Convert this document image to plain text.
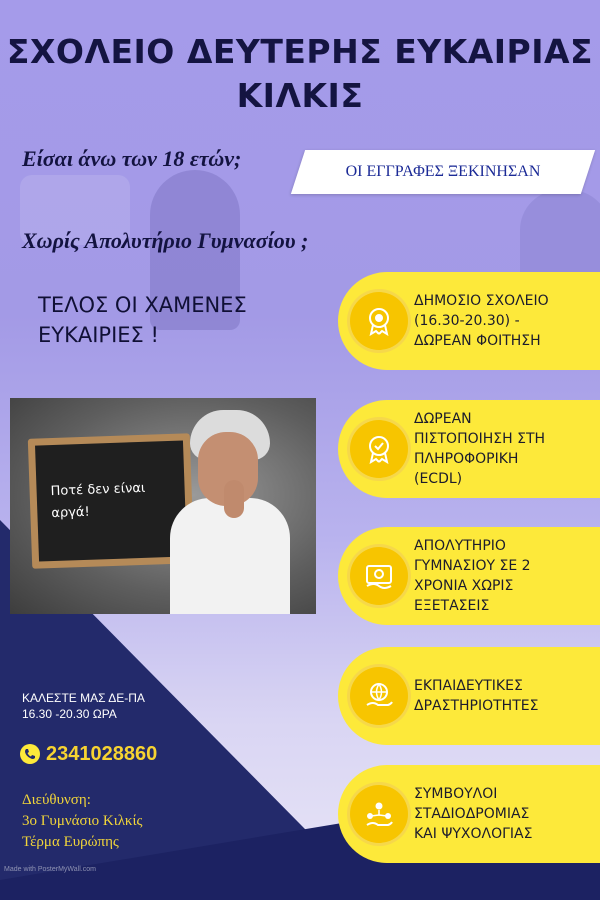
ΣΧΟΛΕΙΟ ΔΕΥΤΕΡΗΣ ΕΥΚΑΙΡΙΑΣ
ΚΙΛΚΙΣ
Είσαι άνω των 18 ετών;
Χωρίς Απολυτήριο Γυμνασίου ;
ΟΙ ΕΓΓΡΑΦΕΣ ΞΕΚΙΝΗΣΑΝ
ΤΕΛΟΣ ΟΙ ΧΑΜΕΝΕΣ
ΕΥΚΑΙΡΙΕΣ !
Ποτέ δεν είναι
αργά!
ΔΗΜΟΣΙΟ ΣΧΟΛΕΙΟ
(16.30-20.30) -
ΔΩΡΕΑΝ ΦΟΙΤΗΣΗ
ΔΩΡΕΑΝ
ΠΙΣΤΟΠΟΙΗΣΗ ΣΤΗ
ΠΛΗΡΟΦΟΡΙΚΗ
(ECDL)
ΑΠΟΛΥΤΗΡΙΟ
ΓΥΜΝΑΣΙΟΥ ΣΕ 2
ΧΡΟΝΙΑ ΧΩΡΙΣ
ΕΞΕΤΑΣΕΙΣ
ΕΚΠΑΙΔΕΥΤΙΚΕΣ
ΔΡΑΣΤΗΡΙΟΤΗΤΕΣ
ΣΥΜΒΟΥΛΟΙ
ΣΤΑΔΙΟΔΡΟΜΙΑΣ
ΚΑΙ ΨΥΧΟΛΟΓΙΑΣ
ΚΑΛΕΣΤΕ ΜΑΣ ΔΕ-ΠΑ
16.30 -20.30 ΩΡΑ
2341028860
Διεύθυνση:
3ο Γυμνάσιο Κιλκίς
Τέρμα Ευρώπης
Made with PosterMyWall.com
